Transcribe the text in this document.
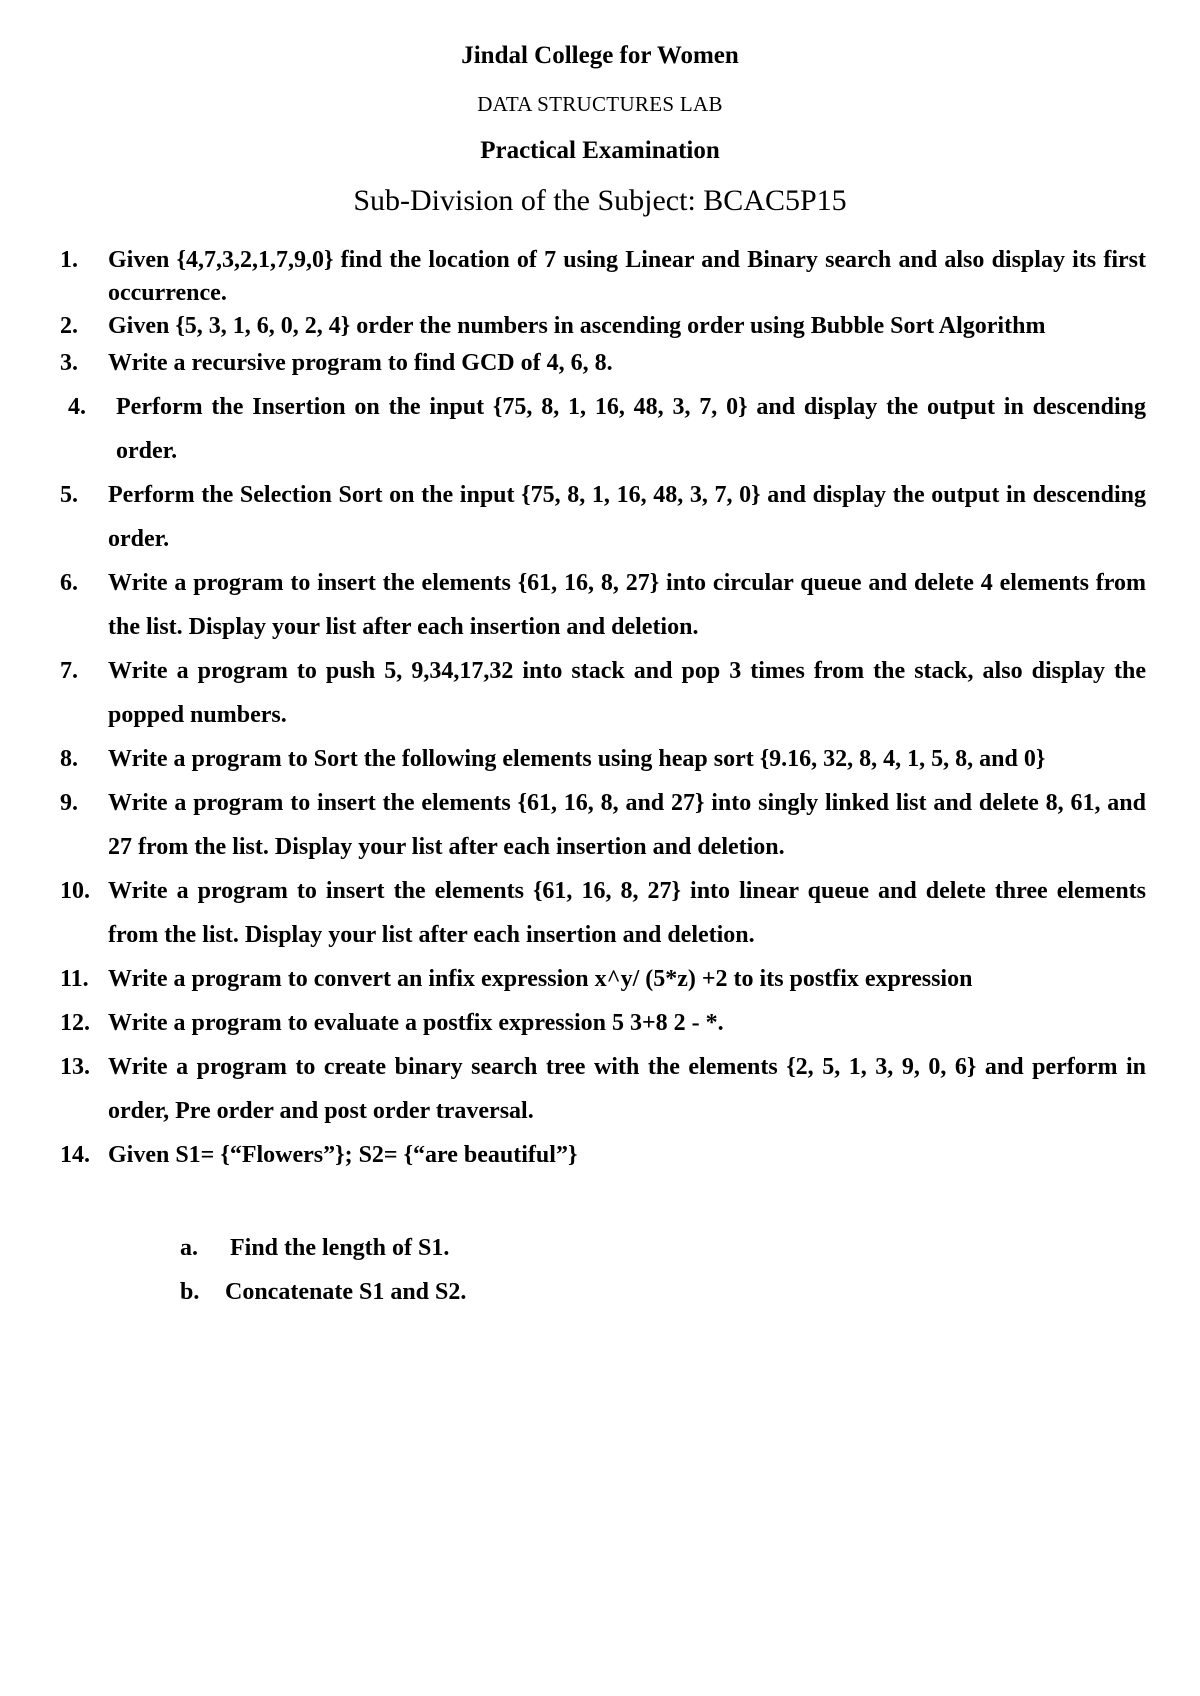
Jindal College for Women
DATA STRUCTURES LAB
Practical Examination
Sub-Division of the Subject: BCAC5P15
1.	Given {4,7,3,2,1,7,9,0} find the location of 7 using Linear and Binary search and also display its first occurrence.
2.	Given {5, 3, 1, 6, 0, 2, 4} order the numbers in ascending order using Bubble Sort Algorithm
3.	Write a recursive program to find GCD of 4, 6, 8.
4.	Perform the Insertion on the input {75, 8, 1, 16, 48, 3, 7, 0} and display the output in descending order.
5.	Perform the Selection Sort on the input {75, 8, 1, 16, 48, 3, 7, 0} and display the output in descending order.
6.	Write a program to insert the elements {61, 16, 8, 27} into circular queue and delete 4 elements from the list. Display your list after each insertion and deletion.
7.	Write a program to push 5, 9,34,17,32 into stack and pop 3 times from the stack, also display the popped numbers.
8.	Write a program to Sort the following elements using heap sort {9.16, 32, 8, 4, 1, 5, 8, and 0}
9.	Write a program to insert the elements {61, 16, 8, and 27} into singly linked list and delete 8, 61, and 27 from the list. Display your list after each insertion and deletion.
10. Write a program to insert the elements {61, 16, 8, 27} into linear queue and delete three elements from the list. Display your list after each insertion and deletion.
11. Write a program to convert an infix expression x^y/ (5*z) +2 to its postfix expression
12. Write a program to evaluate a postfix expression 5 3+8 2 - *.
13. Write a program to create binary search tree with the elements {2, 5, 1, 3, 9, 0, 6} and perform in order, Pre order and post order traversal.
14. Given S1= {“Flowers”}; S2= {“are beautiful”}
a. Find the length of S1.
b. Concatenate S1 and S2.
